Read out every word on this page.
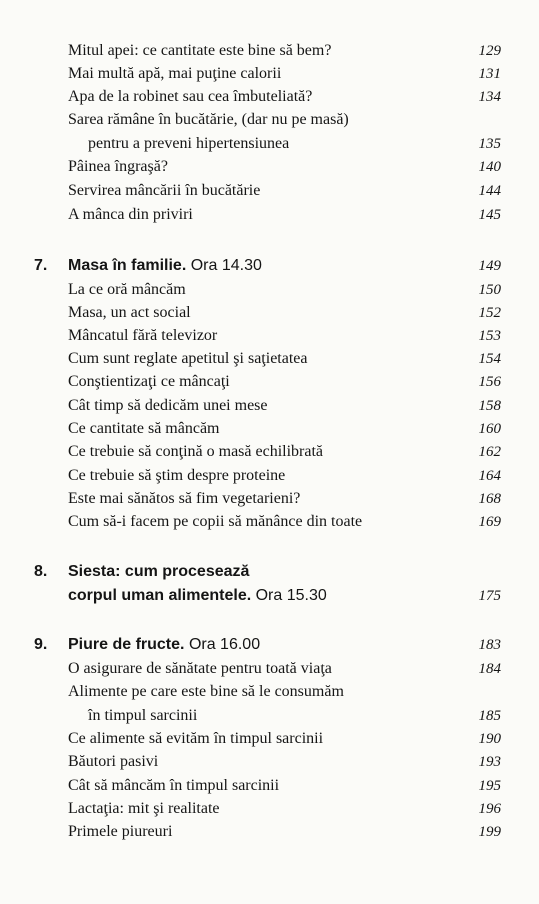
Mitul apei: ce cantitate este bine să bem?	129
Mai multă apă, mai puţine calorii	131
Apa de la robinet sau cea îmbuteliată?	134
Sarea rămâne în bucătărie, (dar nu pe masă)
pentru a preveni hipertensiunea	135
Pâinea îngraşă?	140
Servirea mâncării în bucătărie	144
A mânca din priviri	145
7. Masa în familie. Ora 14.30	149
La ce oră mâncăm	150
Masa, un act social	152
Mâncatul fără televizor	153
Cum sunt reglate apetitul şi saţietatea	154
Conştientizaţi ce mâncaţi	156
Cât timp să dedicăm unei mese	158
Ce cantitate să mâncăm	160
Ce trebuie să conţină o masă echilibrată	162
Ce trebuie să ştim despre proteine	164
Este mai sănătos să fim vegetarieni?	168
Cum să-i facem pe copii să mănânce din toate	169
8. Siesta: cum procesează
corpul uman alimentele. Ora 15.30	175
9. Piure de fructe. Ora 16.00	183
O asigurare de sănătate pentru toată viaţa	184
Alimente pe care este bine să le consumăm
în timpul sarcinii	185
Ce alimente să evităm în timpul sarcinii	190
Băutori pasivi	193
Cât să mâncăm în timpul sarcinii	195
Lactaţia: mit şi realitate	196
Primele piureuri	199
